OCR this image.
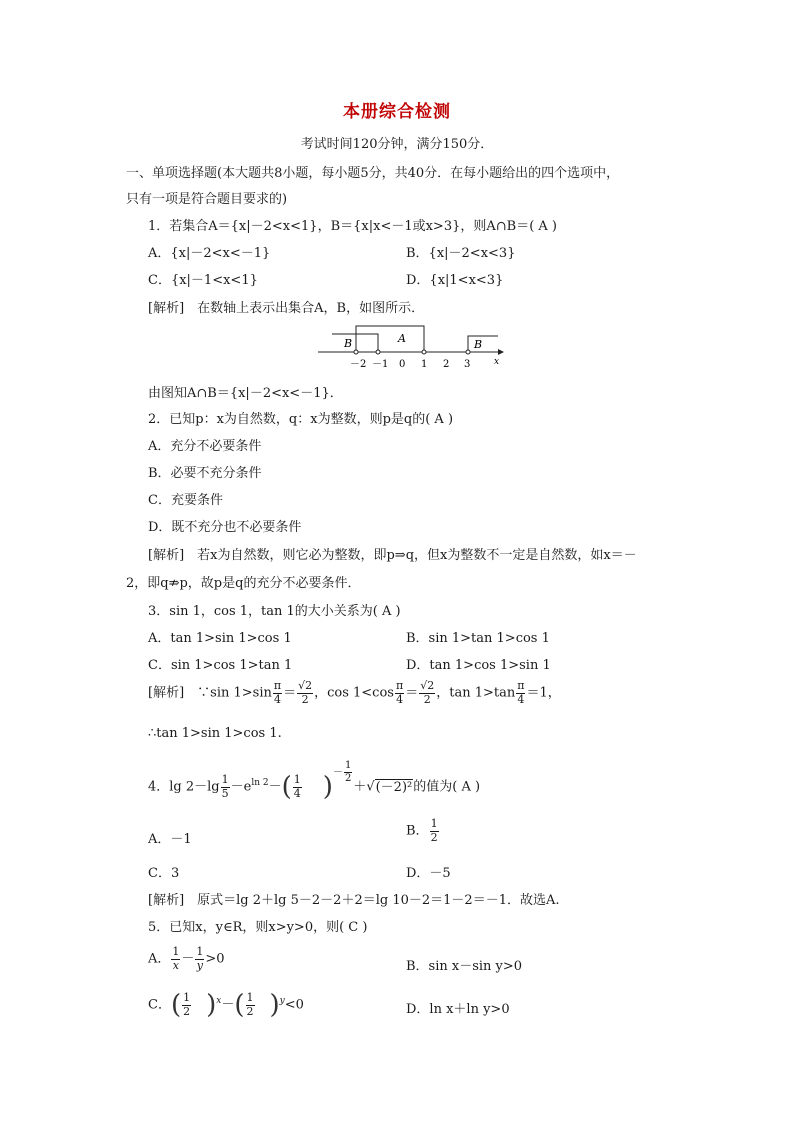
本册综合检测
考试时间120分钟，满分150分．
一、单项选择题(本大题共8小题，每小题5分，共40分．在每小题给出的四个选项中，
只有一项是符合题目要求的)
1．若集合A＝{x|－2<x<1}，B＝{x|x<－1或x>3}，则A∩B＝( A )
A．{x|－2<x<－1}	B．{x|－2<x<3}
C．{x|－1<x<1}	D．{x|1<x<3}
[解析]　在数轴上表示出集合A，B，如图所示．
B	A	B
x
－2 －1 0 1 2 3
由图知A∩B＝{x|－2<x<－1}．
2．已知p：x为自然数，q：x为整数，则p是q的( A )
A．充分不必要条件
B．必要不充分条件
C．充要条件
D．既不充分也不必要条件
[解析]　若x为自然数，则它必为整数，即p⇒q，但x为整数不一定是自然数，如x＝－
2，即q⇏p，故p是q的充分不必要条件．
3．sin 1，cos 1，tan 1的大小关系为( A )
A．tan 1>sin 1>cos 1	B．sin 1>tan 1>cos 1
C．sin 1>cos 1>tan 1	D．tan 1>cos 1>sin 1
[解析]　∵sin $1>\sin \frac{\pi}{4} = \frac{√2}{2}$ ，$\cos 1<\cos \frac{\pi}{4} = \frac{√2}{2}$ ，$\tan 1>\tan \frac{\pi}{4} =1$，
∴tan 1>sin 1>cos 1.
4．$\lg 2-\lg \frac{1}{5} -e^{ln 2}-( \frac{1}{4} )^{- \frac{1}{2}}$
＋√(－2)²的值为( A )
A．－1
B． $\frac{1}{2}$
C．3	D．－5
[解析]　原式＝lg 2＋lg 5－2－2＋2＝lg 10－2＝1－2＝－1．故选A.
5．已知x，y∈R，则x>y>0，则( C )
A． $\frac{1}{x} - \frac{1}{y} >0$	B．sin x－sin y>0
C．( $\frac{1}{2} )^x-( \frac{1}{2} )^y<0$	D．ln x＋ln y>0
